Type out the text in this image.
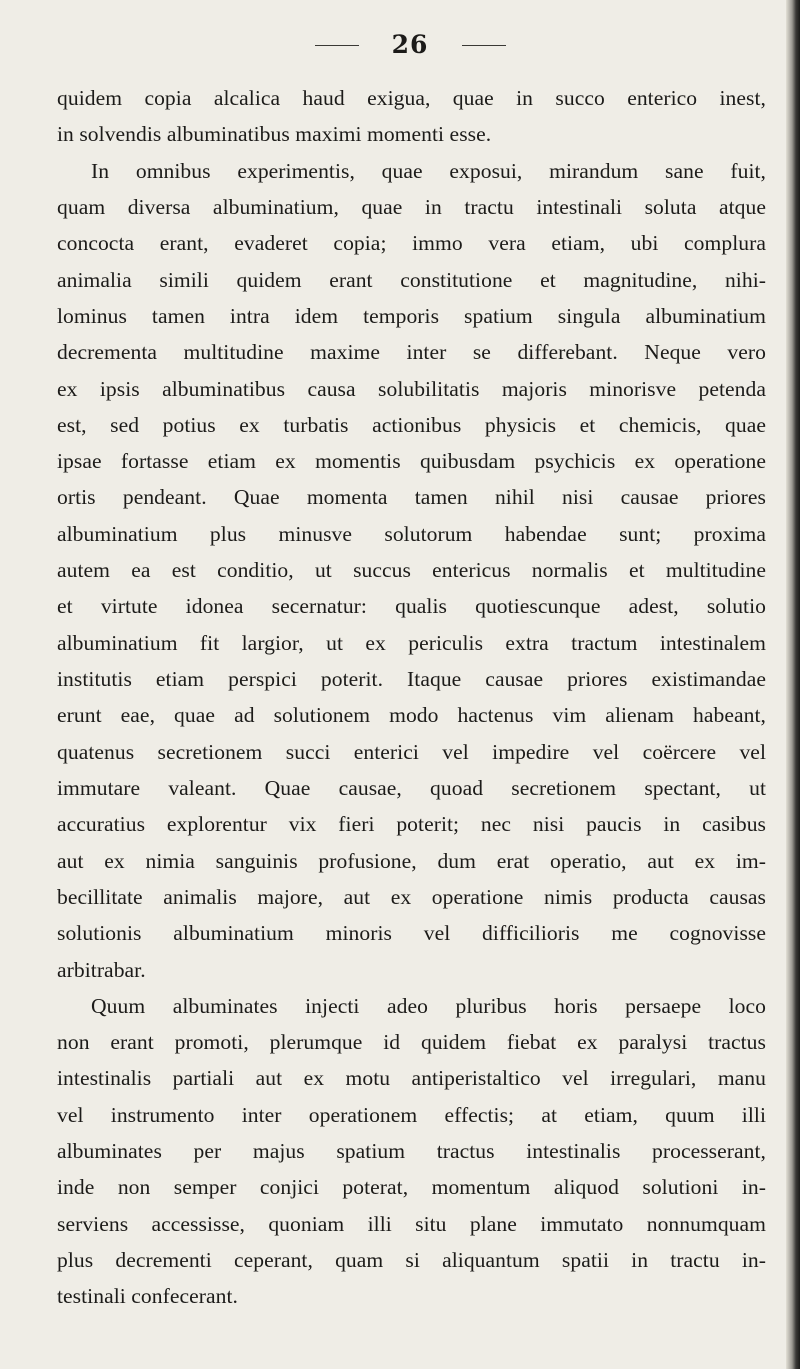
26
quidem copia alcalica haud exigua, quae in succo enterico inest,
in solvendis albuminatibus maximi momenti esse.
In omnibus experimentis, quae exposui, mirandum sane fuit,
quam diversa albuminatium, quae in tractu intestinali soluta atque
concocta erant, evaderet copia; immo vera etiam, ubi complura
animalia simili quidem erant constitutione et magnitudine, nihi-
lominus tamen intra idem temporis spatium singula albuminatium
decrementa multitudine maxime inter se differebant. Neque vero
ex ipsis albuminatibus causa solubilitatis majoris minorisve petenda
est, sed potius ex turbatis actionibus physicis et chemicis, quae
ipsae fortasse etiam ex momentis quibusdam psychicis ex operatione
ortis pendeant. Quae momenta tamen nihil nisi causae priores
albuminatium plus minusve solutorum habendae sunt; proxima
autem ea est conditio, ut succus entericus normalis et multitudine
et virtute idonea secernatur: qualis quotiescunque adest, solutio
albuminatium fit largior, ut ex periculis extra tractum intestinalem
institutis etiam perspici poterit. Itaque causae priores existimandae
erunt eae, quae ad solutionem modo hactenus vim alienam habeant,
quatenus secretionem succi enterici vel impedire vel coërcere vel
immutare valeant. Quae causae, quoad secretionem spectant, ut
accuratius explorentur vix fieri poterit; nec nisi paucis in casibus
aut ex nimia sanguinis profusione, dum erat operatio, aut ex im-
becillitate animalis majore, aut ex operatione nimis producta causas
solutionis albuminatium minoris vel difficilioris me cognovisse
arbitrabar.
Quum albuminates injecti adeo pluribus horis persaepe loco
non erant promoti, plerumque id quidem fiebat ex paralysi tractus
intestinalis partiali aut ex motu antiperistaltico vel irregulari, manu
vel instrumento inter operationem effectis; at etiam, quum illi
albuminates per majus spatium tractus intestinalis processerant,
inde non semper conjici poterat, momentum aliquod solutioni in-
serviens accessisse, quoniam illi situ plane immutato nonnumquam
plus decrementi ceperant, quam si aliquantum spatii in tractu in-
testinali confecerant.
